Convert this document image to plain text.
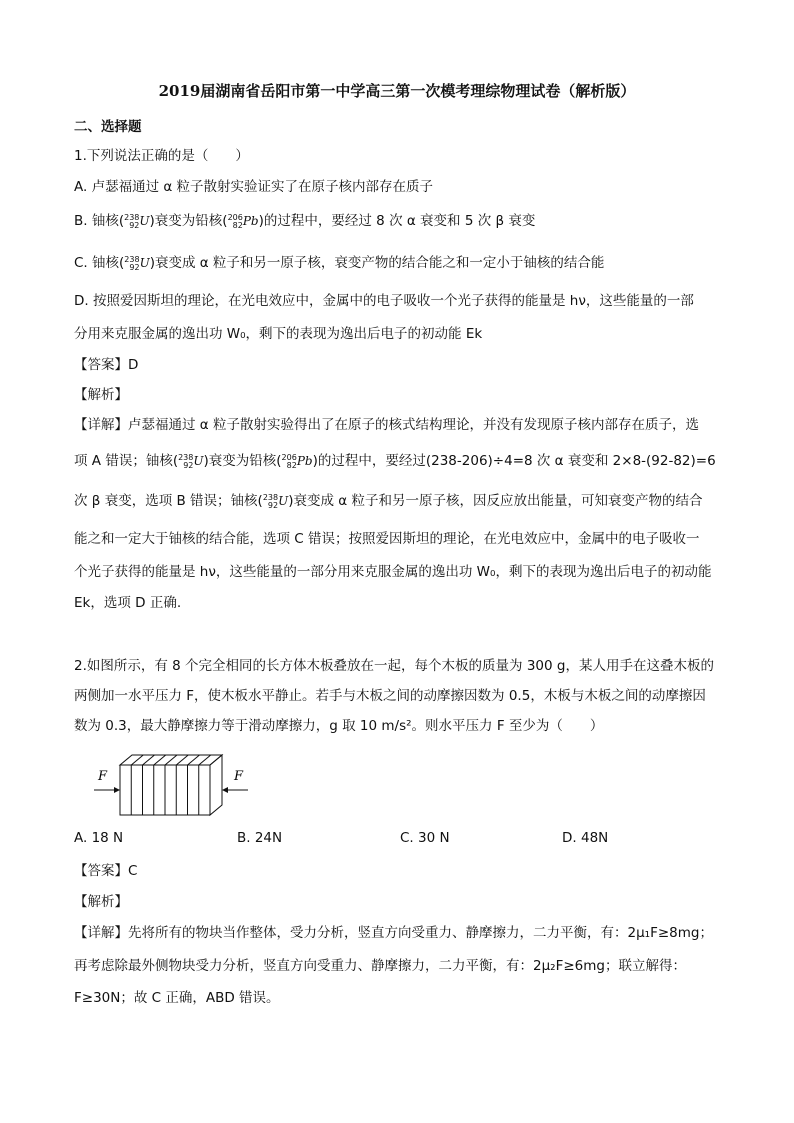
2019届湖南省岳阳市第一中学高三第一次模考理综物理试卷（解析版）
二、选择题
1.下列说法正确的是（　　）
A. 卢瑟福通过 α 粒子散射实验证实了在原子核内部存在质子
B. 铀核( 238
92 U)衰变为铅核( 206
82 Pb)的过程中，要经过 8 次 α 衰变和 5 次 β 衰变
C. 铀核( 238
92 U)衰变成 α 粒子和另一原子核，衰变产物的结合能之和一定小于铀核的结合能
D. 按照爱因斯坦的理论，在光电效应中，金属中的电子吸收一个光子获得的能量是 hν，这些能量的一部
分用来克服金属的逸出功 W₀，剩下的表现为逸出后电子的初动能 Ek
【答案】D
【解析】
【详解】卢瑟福通过 α 粒子散射实验得出了在原子的核式结构理论，并没有发现原子核内部存在质子，选
项 A 错误；铀核( 238
92 U)衰变为铅核( 206
82 Pb)的过程中，要经过(238-206)÷4=8 次 α 衰变和 2×8-(92-82)=6
次 β 衰变，选项 B 错误；铀核( 238
92 U)衰变成 α 粒子和另一原子核，因反应放出能量，可知衰变产物的结合
能之和一定大于铀核的结合能，选项 C 错误；按照爱因斯坦的理论，在光电效应中，金属中的电子吸收一
个光子获得的能量是 hν，这些能量的一部分用来克服金属的逸出功 W₀，剩下的表现为逸出后电子的初动能
Ek，选项 D 正确.
2.如图所示，有 8 个完全相同的长方体木板叠放在一起，每个木板的质量为 300 g，某人用手在这叠木板的
两侧加一水平压力 F，使木板水平静止。若手与木板之间的动摩擦因数为 0.5，木板与木板之间的动摩擦因
数为 0.3，最大静摩擦力等于滑动摩擦力，g 取 10 m/s²。则水平压力 F 至少为（　　）
F	F
A. 18 N	B. 24N	C. 30 N	D. 48N
【答案】C
【解析】
【详解】先将所有的物块当作整体，受力分析，竖直方向受重力、静摩擦力，二力平衡，有：2μ₁F≥8mg；
再考虑除最外侧物块受力分析，竖直方向受重力、静摩擦力，二力平衡，有：2μ₂F≥6mg；联立解得：
F≥30N；故 C 正确，ABD 错误。
